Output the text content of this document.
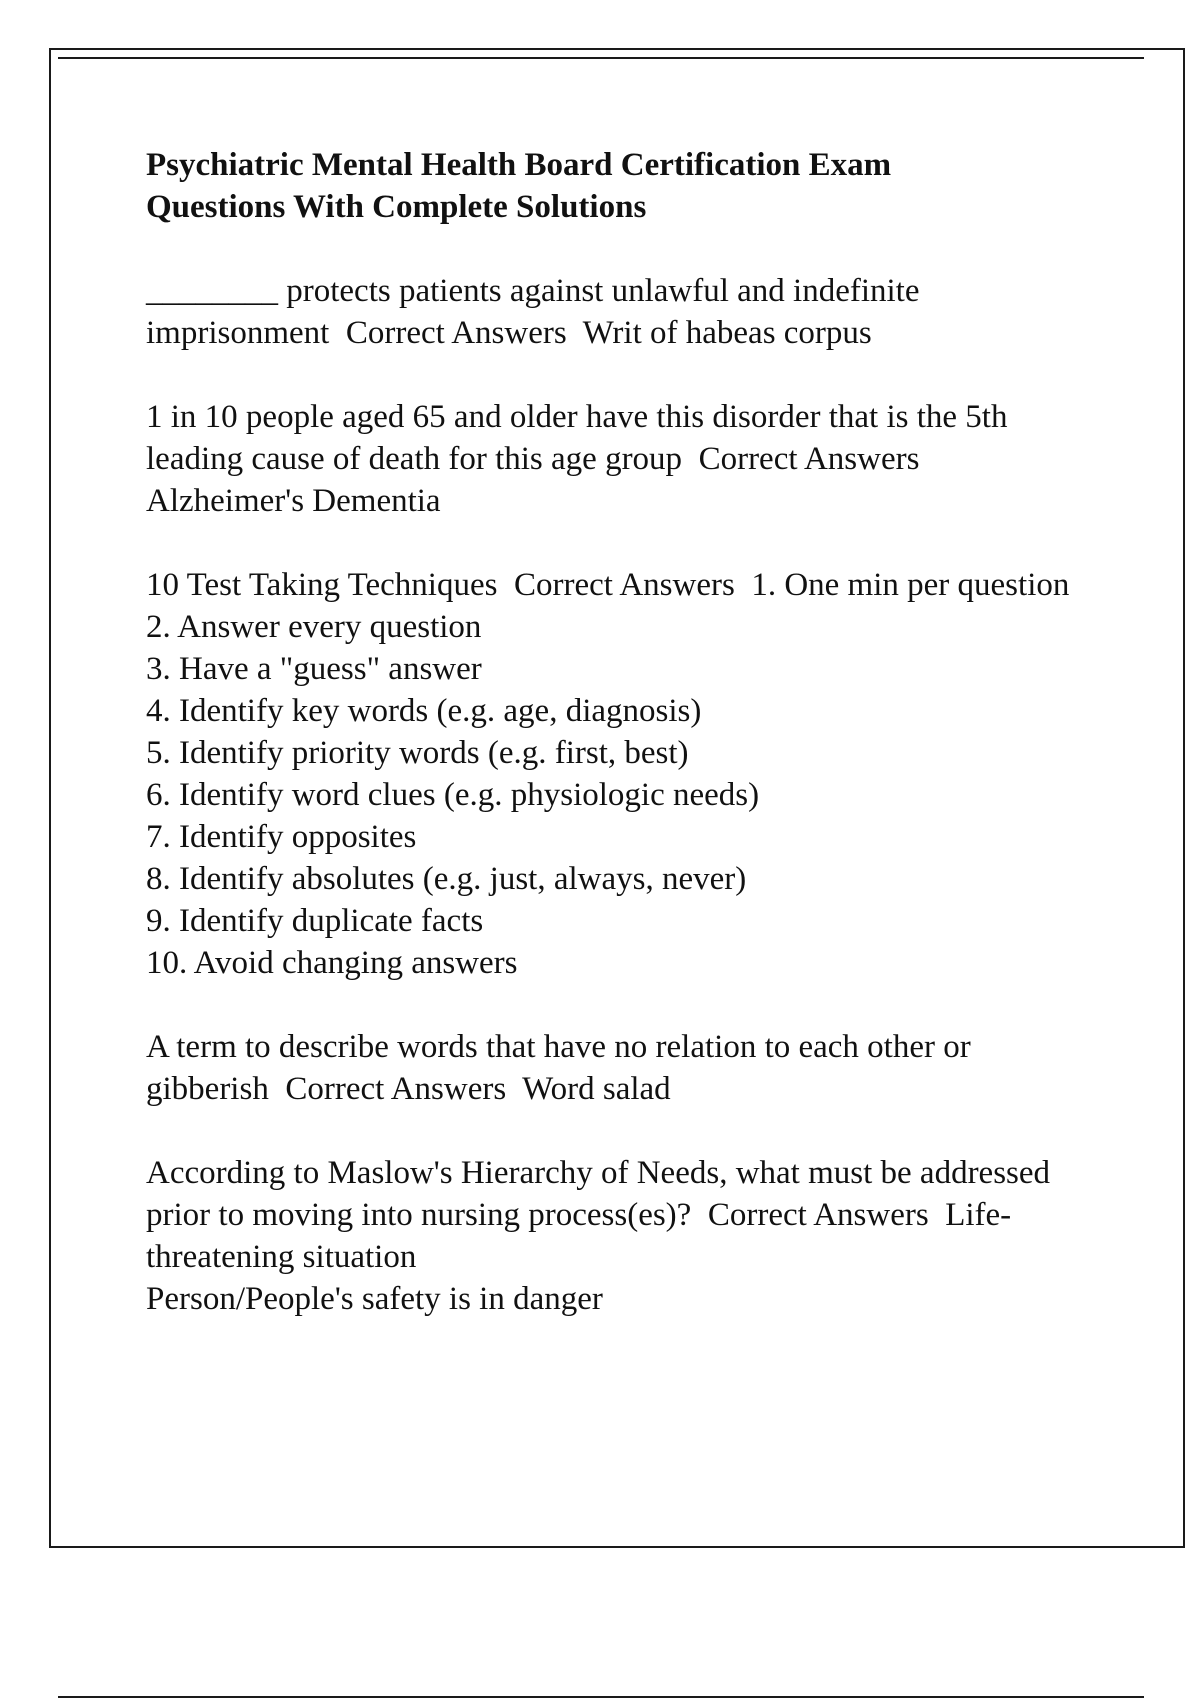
Psychiatric Mental Health Board Certification Exam
Questions With Complete Solutions
________ protects patients against unlawful and indefinite imprisonment Correct Answers Writ of habeas corpus
1 in 10 people aged 65 and older have this disorder that is the 5th leading cause of death for this age group Correct Answers
Alzheimer's Dementia
10 Test Taking Techniques Correct Answers 1. One min per question
2. Answer every question
3. Have a "guess" answer
4. Identify key words (e.g. age, diagnosis)
5. Identify priority words (e.g. first, best)
6. Identify word clues (e.g. physiologic needs)
7. Identify opposites
8. Identify absolutes (e.g. just, always, never)
9. Identify duplicate facts
10. Avoid changing answers
A term to describe words that have no relation to each other or gibberish Correct Answers Word salad
According to Maslow's Hierarchy of Needs, what must be addressed prior to moving into nursing process(es)? Correct Answers Life-threatening situation
Person/People's safety is in danger
